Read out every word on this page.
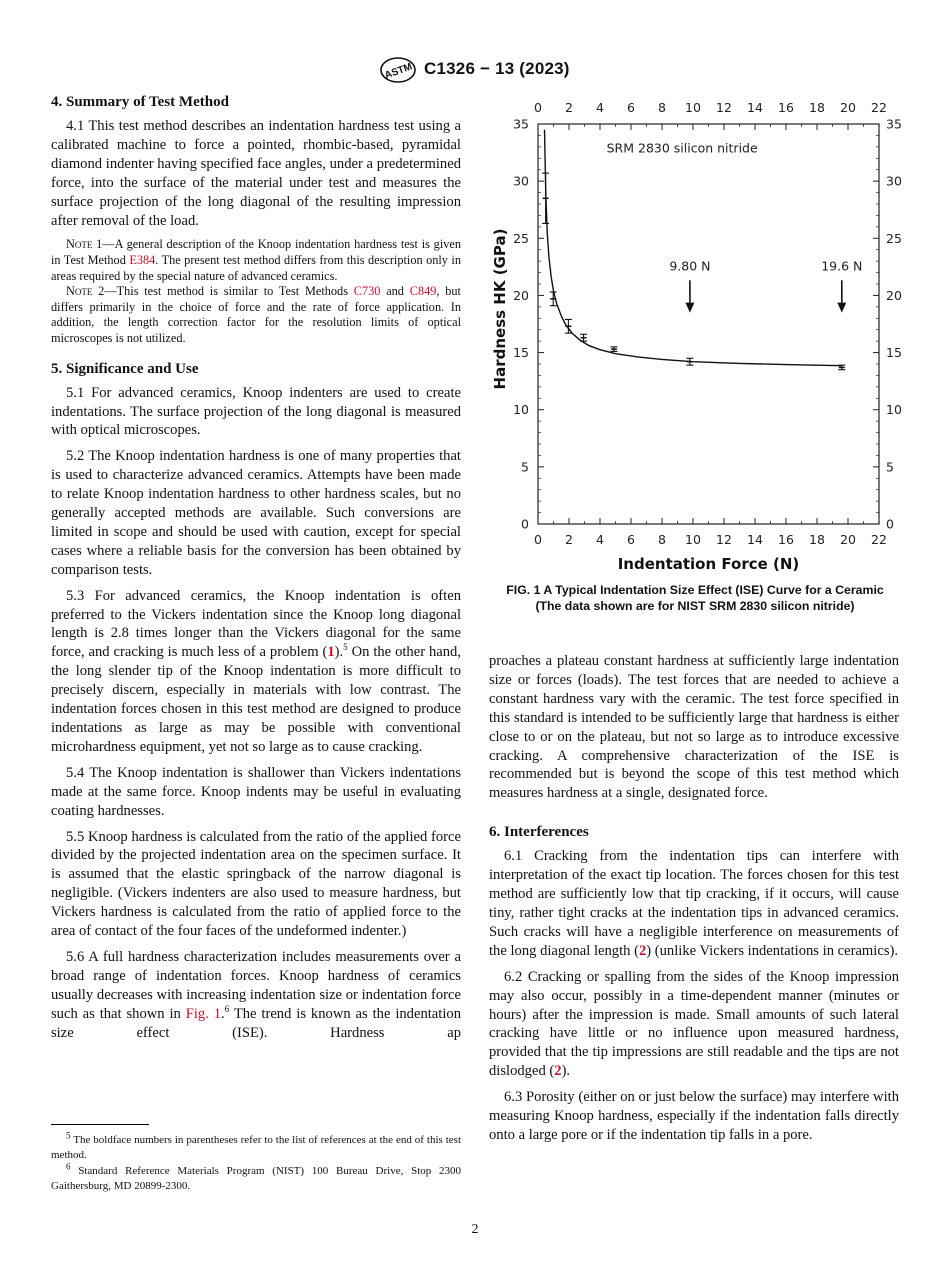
ASTM C1326 − 13 (2023)
4. Summary of Test Method

4.1 This test method describes an indentation hardness test using a calibrated machine to force a pointed, rhombic-based, pyramidal diamond indenter having specified face angles, under a predetermined force, into the surface of the material under test and measures the surface projection of the long diagonal of the resulting impression after removal of the load.

Note 1—A general description of the Knoop indentation hardness test is given in Test Method E384. The present test method differs from this description only in areas required by the special nature of advanced ceramics.

Note 2—This test method is similar to Test Methods C730 and C849, but differs primarily in the choice of force and the rate of force application. In addition, the length correction factor for the resolution limits of optical microscopes is not utilized.

5. Significance and Use

5.1 For advanced ceramics, Knoop indenters are used to create indentations. The surface projection of the long diagonal is measured with optical microscopes.

5.2 The Knoop indentation hardness is one of many properties that is used to characterize advanced ceramics. Attempts have been made to relate Knoop indentation hardness to other hardness scales, but no generally accepted methods are available. Such conversions are limited in scope and should be used with caution, except for special cases where a reliable basis for the conversion has been obtained by comparison tests.

5.3 For advanced ceramics, the Knoop indentation is often preferred to the Vickers indentation since the Knoop long diagonal length is 2.8 times longer than the Vickers diagonal for the same force, and cracking is much less of a problem (1).$^5$ On the other hand, the long slender tip of the Knoop indentation is more difficult to precisely discern, especially in materials with low contrast. The indentation forces chosen in this test method are designed to produce indentations as large as may be possible with conventional microhardness equipment, yet not so large as to cause cracking.

5.4 The Knoop indentation is shallower than Vickers indentations made at the same force. Knoop indents may be useful in evaluating coating hardnesses.

5.5 Knoop hardness is calculated from the ratio of the applied force divided by the projected indentation area on the specimen surface. It is assumed that the elastic springback of the narrow diagonal is negligible. (Vickers indenters are also used to measure hardness, but Vickers hardness is calculated from the ratio of applied force to the area of contact of the four faces of the undeformed indenter.)

5.6 A full hardness characterization includes measurements over a broad range of indentation forces. Knoop hardness of ceramics usually decreases with increasing indentation size or indentation force such as that shown in Fig. 1.$^6$ The trend is known as the indentation size effect (ISE). Hardness ap

$^5$ The boldface numbers in parentheses refer to the list of references at the end of this test method.

$^6$ Standard Reference Materials Program (NIST) 100 Bureau Drive, Stop 2300 Gaithersburg, MD 20899-2300.

0
0
2
2
4
4
6
6
8
8
10
10
12
12
14
14
16
16
18
18
20
20
22
22
0	0
5	5
10	10
15	15
20	20
25	25
30	30
35	35
Indentation Force (N)
Hardness HK (GPa)
SRM 2830 silicon nitride
9.80 N	19.6 N
FIG. 1 A Typical Indentation Size Effect (ISE) Curve for a Ceramic
(The data shown are for NIST SRM 2830 silicon nitride)

proaches a plateau constant hardness at sufficiently large indentation size or forces (loads). The test forces that are needed to achieve a constant hardness vary with the ceramic. The test force specified in this standard is intended to be sufficiently large that hardness is either close to or on the plateau, but not so large as to introduce excessive cracking. A comprehensive characterization of the ISE is recommended but is beyond the scope of this test method which measures hardness at a single, designated force.

6. Interferences

6.1 Cracking from the indentation tips can interfere with interpretation of the exact tip location. The forces chosen for this test method are sufficiently low that tip cracking, if it occurs, will cause tiny, rather tight cracks at the indentation tips in advanced ceramics. Such cracks will have a negligible interference on measurements of the long diagonal length (2) (unlike Vickers indentations in ceramics).

6.2 Cracking or spalling from the sides of the Knoop impression may also occur, possibly in a time-dependent manner (minutes or hours) after the impression is made. Small amounts of such lateral cracking have little or no influence upon measured hardness, provided that the tip impressions are still readable and the tips are not dislodged (2).

6.3 Porosity (either on or just below the surface) may interfere with measuring Knoop hardness, especially if the indentation falls directly onto a large pore or if the indentation tip falls in a pore.

2
